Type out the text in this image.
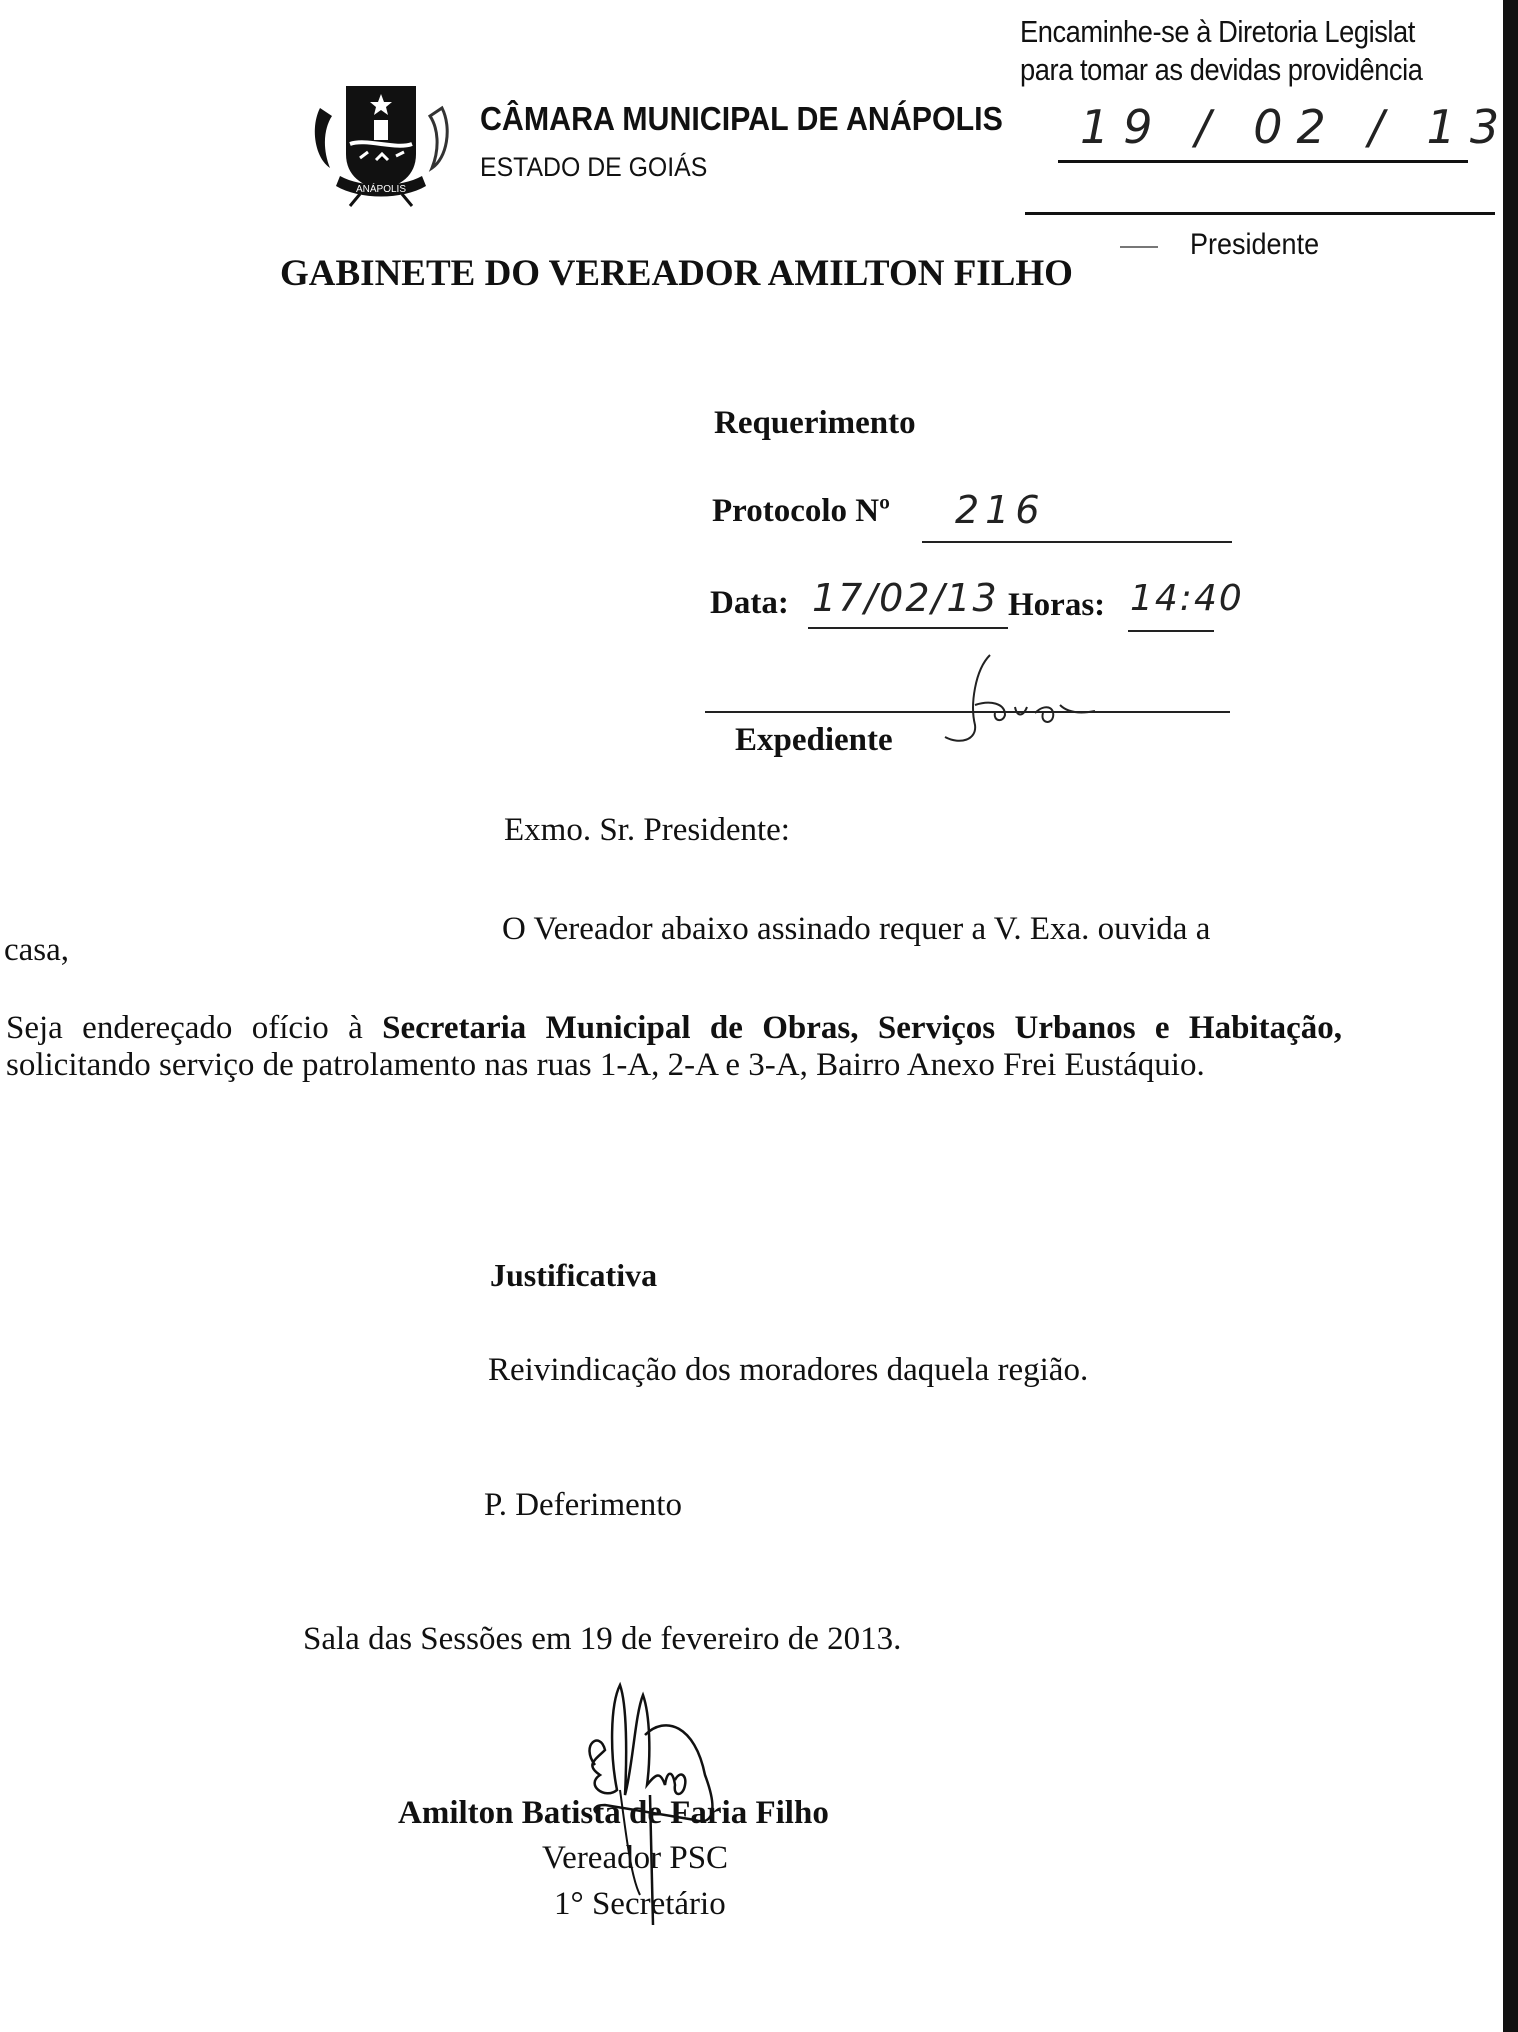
Encaminhe-se à Diretoria Legislat
para tomar as devidas providência
19 / 02 / 13
Presidente
ANÁPOLIS
CÂMARA MUNICIPAL DE ANÁPOLIS
ESTADO DE GOIÁS
GABINETE DO VEREADOR AMILTON FILHO
Requerimento
Protocolo Nº 216
Data: 17/02/13 Horas: 14:40
Expediente
Exmo. Sr. Presidente:
O Vereador abaixo assinado requer a V. Exa. ouvida a
casa,
Seja endereçado ofício à Secretaria Municipal de Obras, Serviços Urbanos e Habitação, solicitando serviço de patrolamento nas ruas 1-A, 2-A e 3-A, Bairro Anexo Frei Eustáquio.
Justificativa
Reivindicação dos moradores daquela região.
P. Deferimento
Sala das Sessões em 19 de fevereiro de 2013.
Amilton Batista de Faria Filho
Vereador PSC
1° Secretário
